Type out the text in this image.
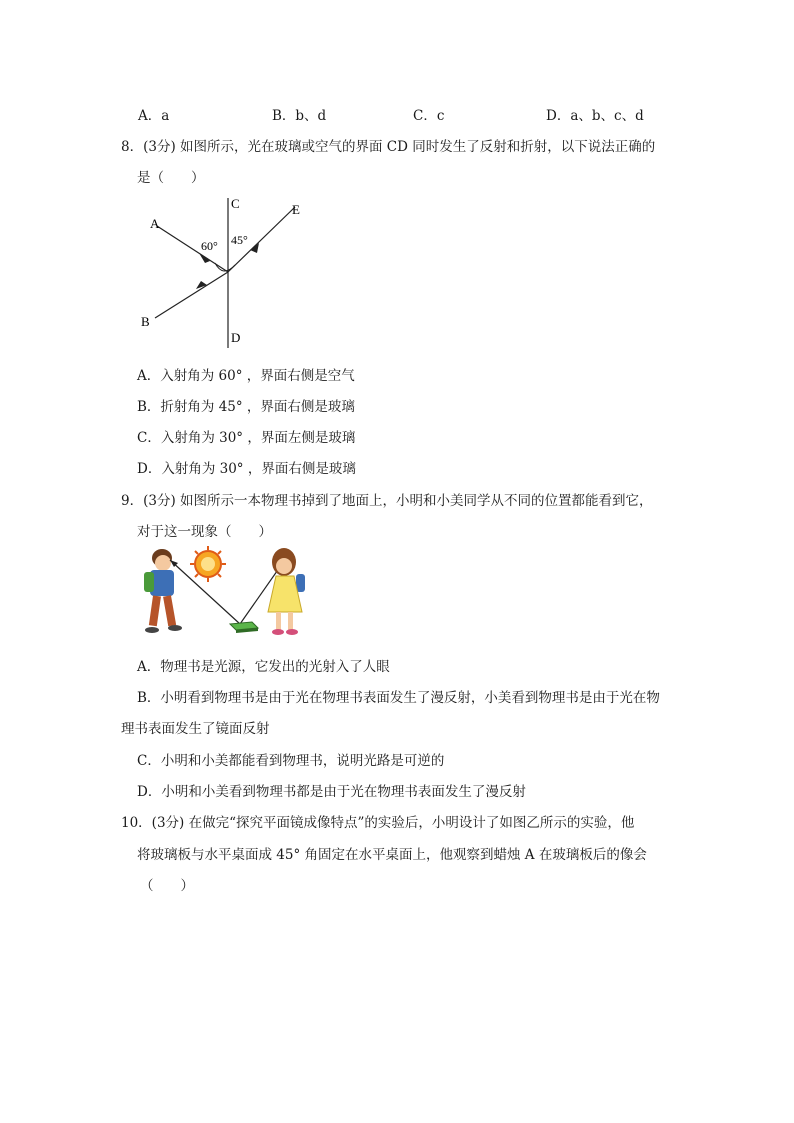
A．a	B．b、d	C．c	D．a、b、c、d
8．(3分) 如图所示，光在玻璃或空气的界面 CD 同时发生了反射和折射，以下说法正确的
是（　　）
C
D
A
B
E
60° 45°
A．入射角为 60° ，界面右侧是空气
B．折射角为 45° ，界面右侧是玻璃
C．入射角为 30° ，界面左侧是玻璃
D．入射角为 30° ，界面右侧是玻璃
9．(3分) 如图所示一本物理书掉到了地面上，小明和小美同学从不同的位置都能看到它，
对于这一现象（　　）
A．物理书是光源，它发出的光射入了人眼
B．小明看到物理书是由于光在物理书表面发生了漫反射，小美看到物理书是由于光在物
理书表面发生了镜面反射
C．小明和小美都能看到物理书，说明光路是可逆的
D．小明和小美看到物理书都是由于光在物理书表面发生了漫反射
10．(3分) 在做完“探究平面镜成像特点”的实验后，小明设计了如图乙所示的实验，他
将玻璃板与水平桌面成 45° 角固定在水平桌面上，他观察到蜡烛 A 在玻璃板后的像会
（　　）
